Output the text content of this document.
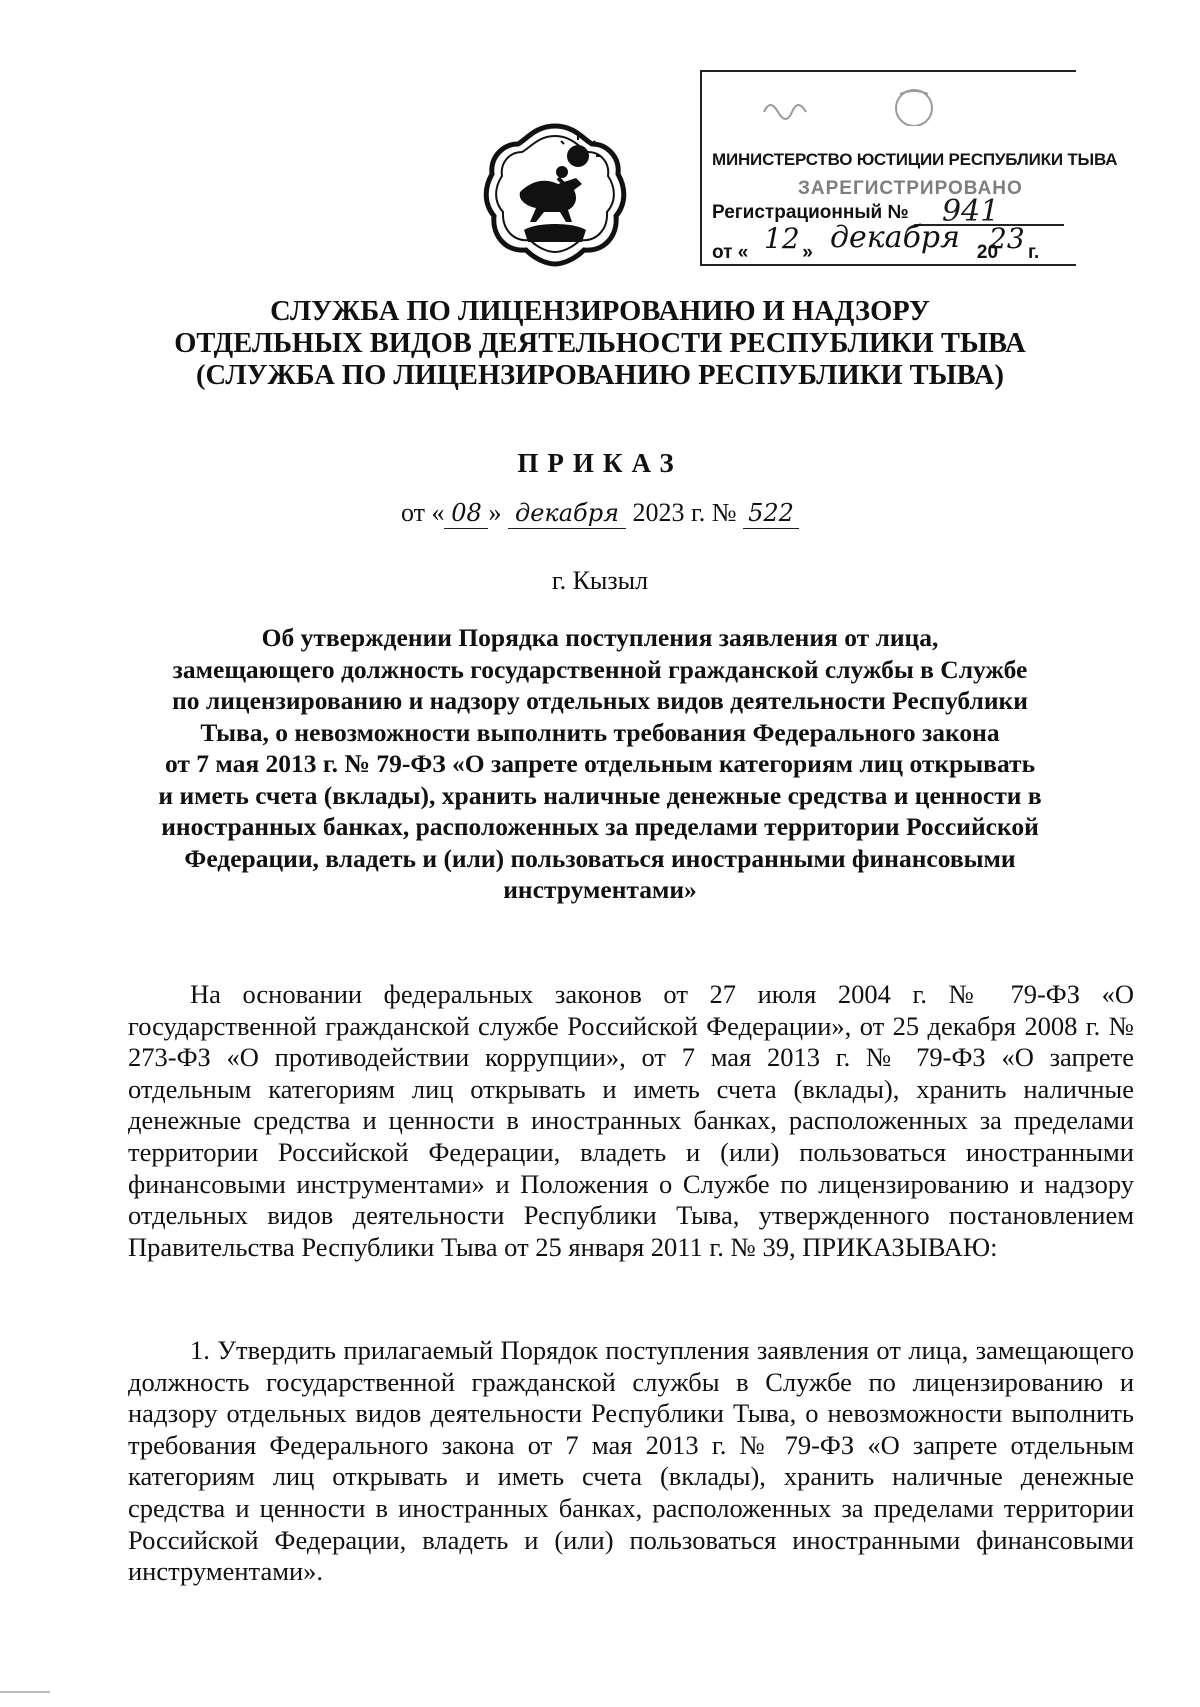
МИНИСТЕРСТВО ЮСТИЦИИ РЕСПУБЛИКИ ТЫВА
ЗАРЕГИСТРИРОВАНО
Регистрационный № 941
от «	»	20 г.
12 декабря 23
СЛУЖБА ПО ЛИЦЕНЗИРОВАНИЮ И НАДЗОРУ
ОТДЕЛЬНЫХ ВИДОВ ДЕЯТЕЛЬНОСТИ РЕСПУБЛИКИ ТЫВА
(СЛУЖБА ПО ЛИЦЕНЗИРОВАНИЮ РЕСПУБЛИКИ ТЫВА)
ПРИКАЗ
от « 08 » декабря 2023 г. № 522
г. Кызыл
Об утверждении Порядка поступления заявления от лица,
замещающего должность государственной гражданской службы в Службе
по лицензированию и надзору отдельных видов деятельности Республики
Тыва, о невозможности выполнить требования Федерального закона
от 7 мая 2013 г. № 79-ФЗ «О запрете отдельным категориям лиц открывать
и иметь счета (вклады), хранить наличные денежные средства и ценности в
иностранных банках, расположенных за пределами территории Российской
Федерации, владеть и (или) пользоваться иностранными финансовыми
инструментами»
На основании федеральных законов от 27 июля 2004 г. № 79-ФЗ «О государственной гражданской службе Российской Федерации», от 25 декабря 2008 г. № 273-ФЗ «О противодействии коррупции», от 7 мая 2013 г. № 79-ФЗ «О запрете отдельным категориям лиц открывать и иметь счета (вклады), хранить наличные денежные средства и ценности в иностранных банках, расположенных за пределами территории Российской Федерации, владеть и (или) пользоваться иностранными финансовыми инструментами» и Положения о Службе по лицензированию и надзору отдельных видов деятельности Республики Тыва, утвержденного постановлением Правительства Республики Тыва от 25 января 2011 г. № 39, ПРИКАЗЫВАЮ:
1. Утвердить прилагаемый Порядок поступления заявления от лица, замещающего должность государственной гражданской службы в Службе по лицензированию и надзору отдельных видов деятельности Республики Тыва, о невозможности выполнить требования Федерального закона от 7 мая 2013 г. № 79-ФЗ «О запрете отдельным категориям лиц открывать и иметь счета (вклады), хранить наличные денежные средства и ценности в иностранных банках, расположенных за пределами территории Российской Федерации, владеть и (или) пользоваться иностранными финансовыми инструментами».
